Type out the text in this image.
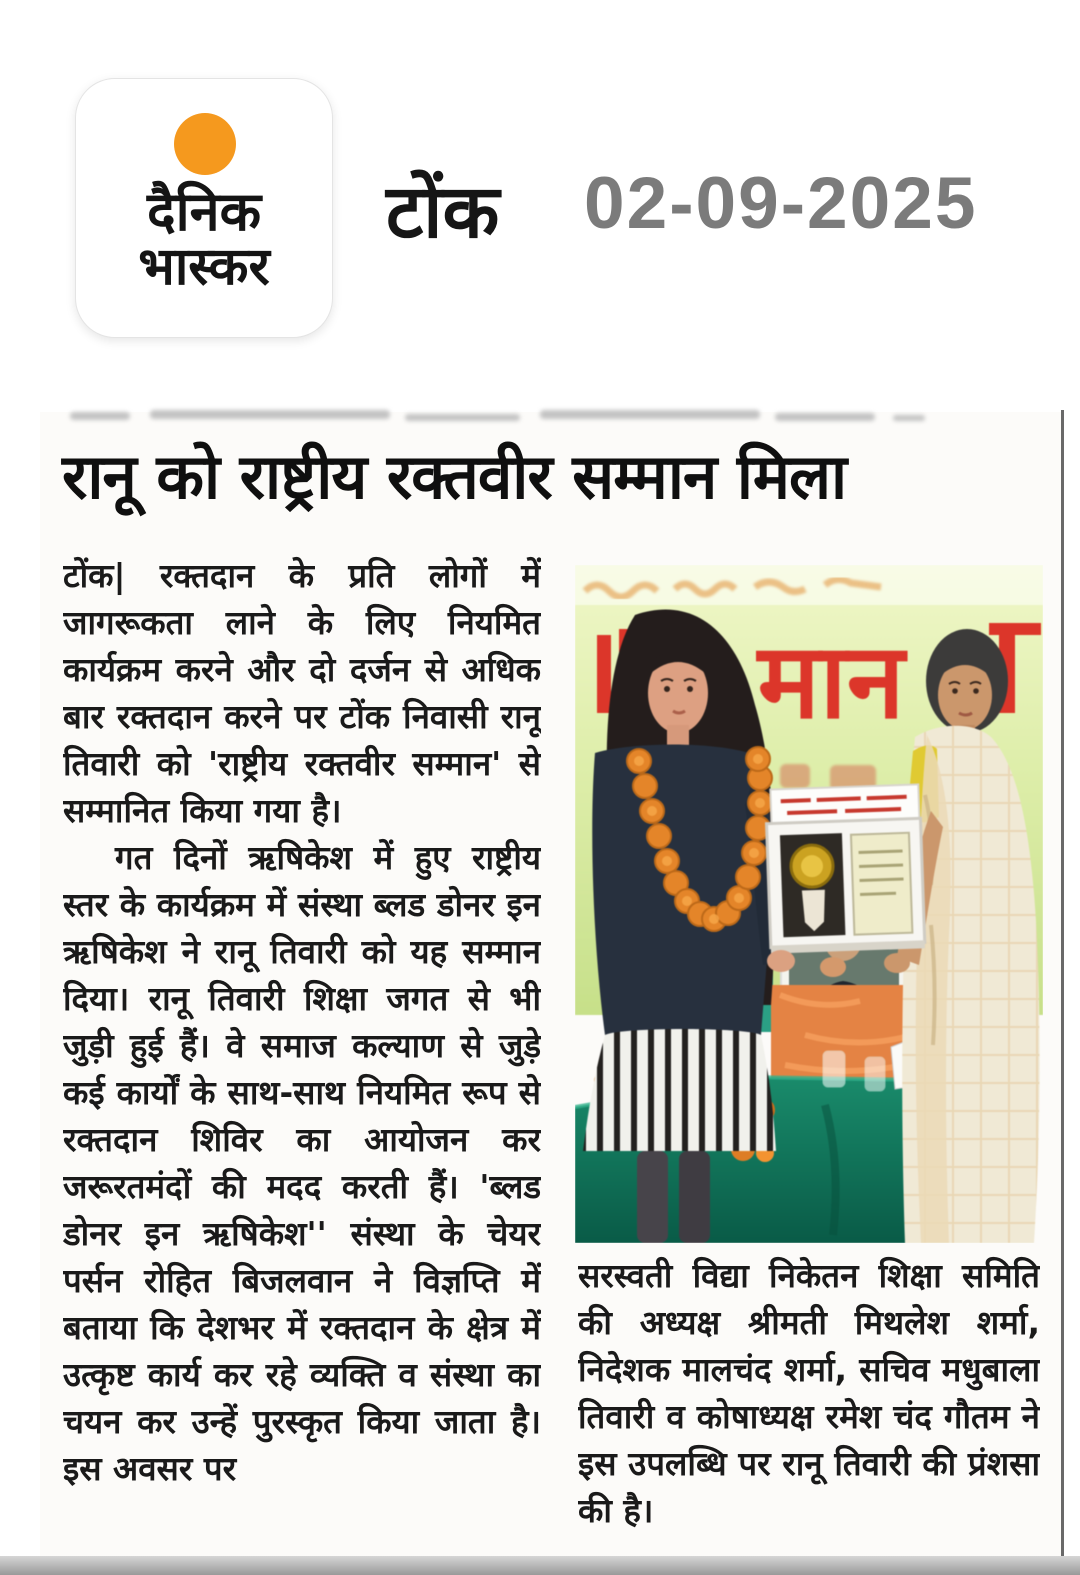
दैनिक
भास्कर
टोंक 02-09-2025
रानू को राष्ट्रीय रक्तवीर सम्मान मिला
टोंक| रक्तदान के प्रति लोगों में जागरूकता लाने के लिए नियमित कार्यक्रम करने और दो दर्जन से अधिक बार रक्तदान करने पर टोंक निवासी रानू तिवारी को 'राष्ट्रीय रक्तवीर सम्मान' से सम्मानित किया गया है।
गत दिनों ऋषिकेश में हुए राष्ट्रीय स्तर के कार्यक्रम में संस्था ब्लड डोनर इन ऋषिकेश ने रानू तिवारी को यह सम्मान दिया। रानू तिवारी शिक्षा जगत से भी जुड़ी हुई हैं। वे समाज कल्याण से जुड़े कई कार्यों के साथ-साथ नियमित रूप से रक्तदान शिविर का आयोजन कर जरूरतमंदों की मदद करती हैं। 'ब्लड डोनर इन ऋषिकेश'' संस्था के चेयर पर्सन रोहित बिजलवान ने विज्ञप्ति में बताया कि देशभर में रक्तदान के क्षेत्र में उत्कृष्ट कार्य कर रहे व्यक्ति व संस्था का चयन कर उन्हें पुरस्कृत किया जाता है। इस अवसर पर
मान
सरस्वती विद्या निकेतन शिक्षा समिति की अध्यक्ष श्रीमती मिथलेश शर्मा, निदेशक मालचंद शर्मा, सचिव मधुबाला तिवारी व कोषाध्यक्ष रमेश चंद गौतम ने इस उपलब्धि पर रानू तिवारी की प्रंशसा की है।
